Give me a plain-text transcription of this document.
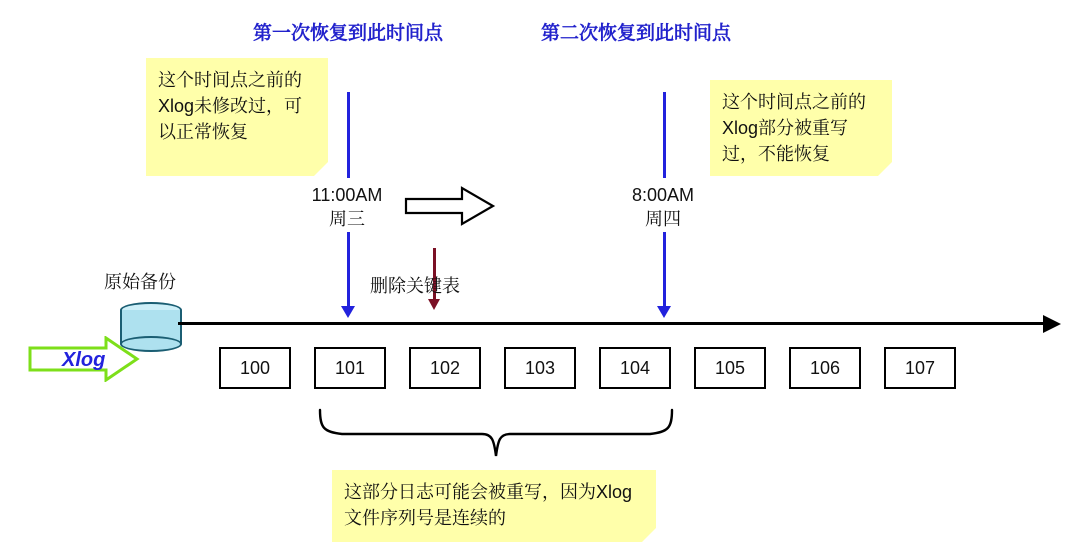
第一次恢复到此时间点	第二次恢复到此时间点
这个时间点之前的Xlog未修改过，可以正常恢复
这个时间点之前的Xlog部分被重写过，不能恢复
11:00AM
周三
8:00AM
周四
删除关键表
原始备份
Xlog	100	101	102	103	104	105	106	107
这部分日志可能会被重写，因为Xlog文件序列号是连续的
